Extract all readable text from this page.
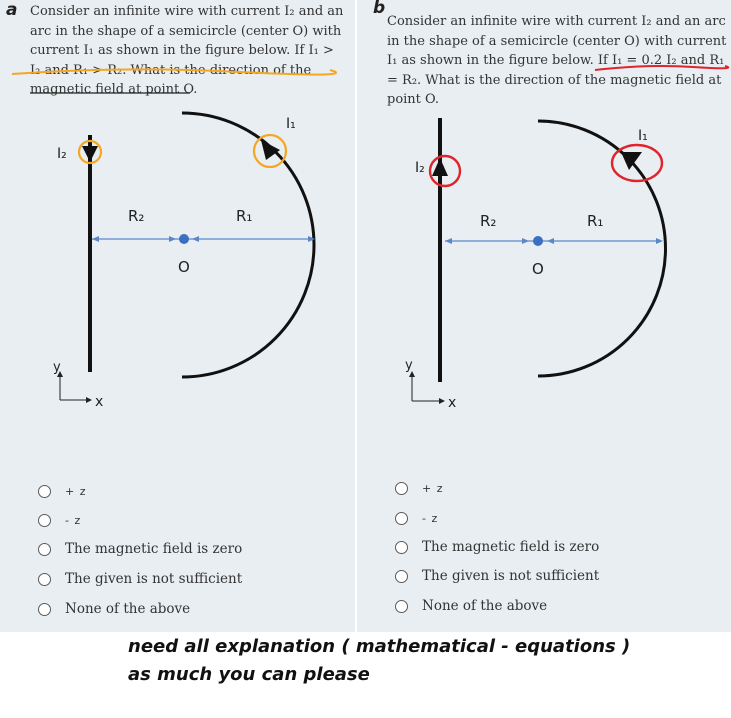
a Consider an infinite wire with current I₂ and an arc in the shape of a semicircle (center O) with current I₁ as shown in the figure below. If I₁ > I₂ and R₁ > R₂. What is the direction of the magnetic field at point O.

I₂
I₁
R₂	R₁
O
y
x
+ z
- z
The magnetic field is zero
The given is not sufficient
None of the above
b

Consider an infinite wire with current I₂ and an arc in the shape of a semicircle (center O) with current I₁ as shown in the figure below. If I₁ = 0.2 I₂ and R₁ = R₂. What is the direction of the magnetic field at point O.

I₂
I₁
R₂	R₁
O
y
x
+ z
- z
The magnetic field is zero
The given is not sufficient
None of the above
need all explanation ( mathematical - equations )
as much you can please
